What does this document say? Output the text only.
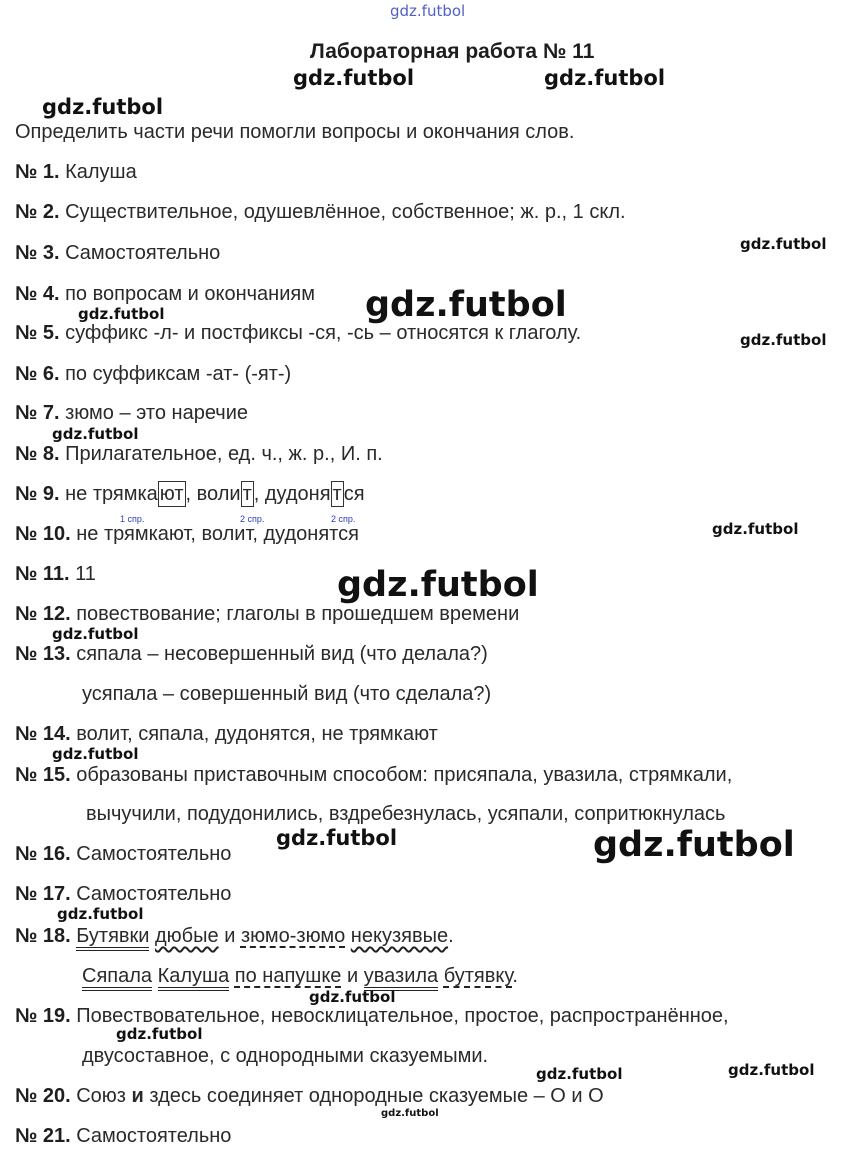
gdz.futbol
gdz.futbol	gdz.futbol
gdz.futbol
gdz.futbol
gdz.futbol
gdz.futbol
gdz.futbol
gdz.futbol
gdz.futbol
gdz.futbol
gdz.futbol
gdz.futbol
gdz.futbol	gdz.futbol
gdz.futbol
gdz.futbol
gdz.futbol
gdz.futbol	gdz.futbol
gdz.futbol
Лабораторная работа № 11
Определить части речи помогли вопросы и окончания слов.
№ 1. Калуша
№ 2. Существительное, одушевлённое, собственное; ж. р., 1 скл.
№ 3. Самостоятельно
№ 4. по вопросам и окончаниям
№ 5. суффикс -л- и постфиксы -ся, -сь – относятся к глаголу.
№ 6. по суффиксам -ат- (-ят-)
№ 7. зюмо – это наречие
№ 8. Прилагательное, ед. ч., ж. р., И. п.
№ 9. не трямка ют , воли т , дудоня т ся
1 спр.	2 спр.	2 спр.
№ 10. не трямкают, волит, дудонятся
№ 11. 11
№ 12. повествование; глаголы в прошедшем времени
№ 13. сяпала – несовершенный вид (что делала?)
усяпала – совершенный вид (что сделала?)
№ 14. волит, сяпала, дудонятся, не трямкают
№ 15. образованы приставочным способом: присяпала, увазила, стрямкали,
вычучили, подудонились, вздребезнулась, усяпали, сопритюкнулась
№ 16. Самостоятельно
№ 17. Самостоятельно
№ 18. Бутявки дюбые и зюмо-зюмо некузявые.
Сяпала Калуша по напушке и увазила бутявку.
№ 19. Повествовательное, невосклицательное, простое, распространённое,
двусоставное, с однородными сказуемыми.
№ 20. Союз и здесь соединяет однородные сказуемые – О и О
№ 21. Самостоятельно
